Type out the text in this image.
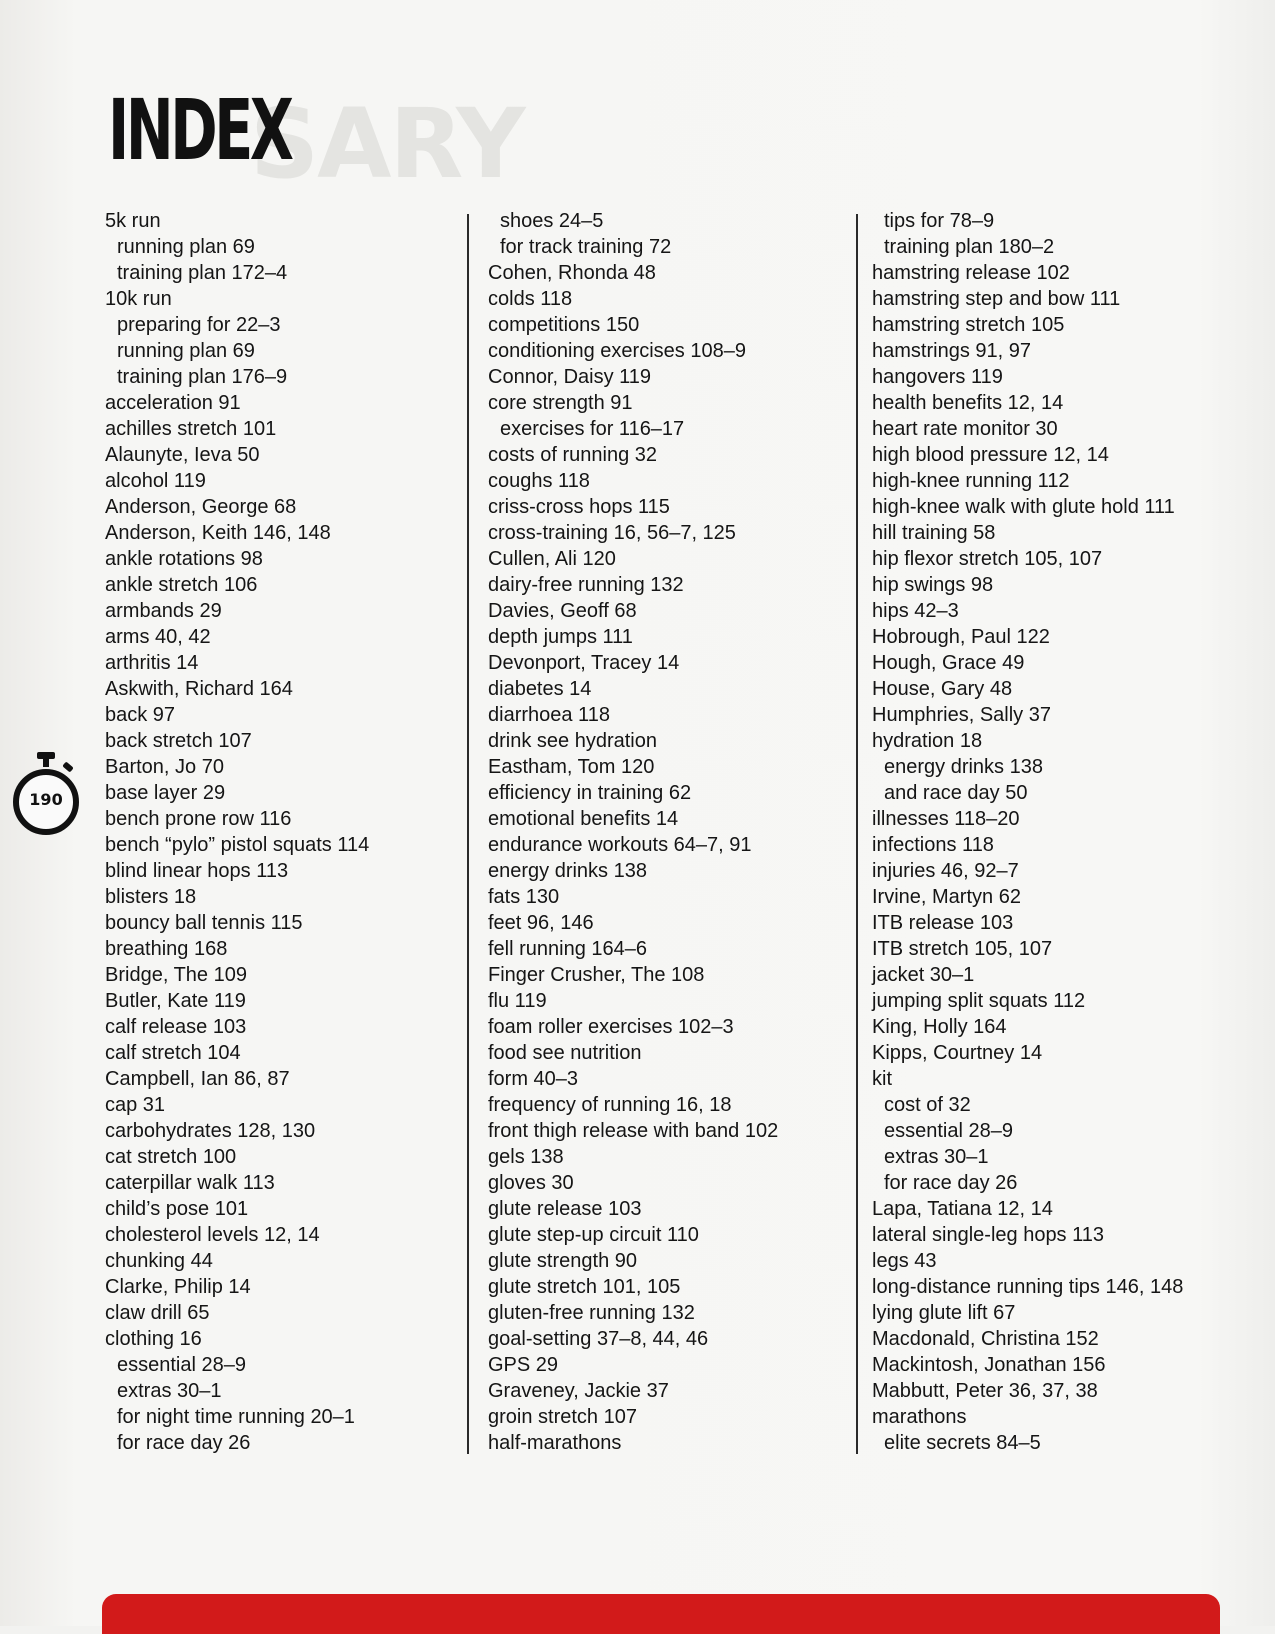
SARY
INDEX
5k run
running plan 69
training plan 172–4
10k run
preparing for 22–3
running plan 69
training plan 176–9
acceleration 91
achilles stretch 101
Alaunyte, Ieva 50
alcohol 119
Anderson, George 68
Anderson, Keith 146, 148
ankle rotations 98
ankle stretch 106
armbands 29
arms 40, 42
arthritis 14
Askwith, Richard 164
back 97
back stretch 107
Barton, Jo 70
base layer 29
bench prone row 116
bench “pylo” pistol squats 114
blind linear hops 113
blisters 18
bouncy ball tennis 115
breathing 168
Bridge, The 109
Butler, Kate 119
calf release 103
calf stretch 104
Campbell, Ian 86, 87
cap 31
carbohydrates 128, 130
cat stretch 100
caterpillar walk 113
child’s pose 101
cholesterol levels 12, 14
chunking 44
Clarke, Philip 14
claw drill 65
clothing 16
essential 28–9
extras 30–1
for night time running 20–1
for race day 26
shoes 24–5
for track training 72
Cohen, Rhonda 48
colds 118
competitions 150
conditioning exercises 108–9
Connor, Daisy 119
core strength 91
exercises for 116–17
costs of running 32
coughs 118
criss-cross hops 115
cross-training 16, 56–7, 125
Cullen, Ali 120
dairy-free running 132
Davies, Geoff 68
depth jumps 111
Devonport, Tracey 14
diabetes 14
diarrhoea 118
drink see hydration
Eastham, Tom 120
efficiency in training 62
emotional benefits 14
endurance workouts 64–7, 91
energy drinks 138
fats 130
feet 96, 146
fell running 164–6
Finger Crusher, The 108
flu 119
foam roller exercises 102–3
food see nutrition
form 40–3
frequency of running 16, 18
front thigh release with band 102
gels 138
gloves 30
glute release 103
glute step-up circuit 110
glute strength 90
glute stretch 101, 105
gluten-free running 132
goal-setting 37–8, 44, 46
GPS 29
Graveney, Jackie 37
groin stretch 107
half-marathons
tips for 78–9
training plan 180–2
hamstring release 102
hamstring step and bow 111
hamstring stretch 105
hamstrings 91, 97
hangovers 119
health benefits 12, 14
heart rate monitor 30
high blood pressure 12, 14
high-knee running 112
high-knee walk with glute hold 111
hill training 58
hip flexor stretch 105, 107
hip swings 98
hips 42–3
Hobrough, Paul 122
Hough, Grace 49
House, Gary 48
Humphries, Sally 37
hydration 18
energy drinks 138
and race day 50
illnesses 118–20
infections 118
injuries 46, 92–7
Irvine, Martyn 62
ITB release 103
ITB stretch 105, 107
jacket 30–1
jumping split squats 112
King, Holly 164
Kipps, Courtney 14
kit
cost of 32
essential 28–9
extras 30–1
for race day 26
Lapa, Tatiana 12, 14
lateral single-leg hops 113
legs 43
long-distance running tips 146, 148
lying glute lift 67
Macdonald, Christina 152
Mackintosh, Jonathan 156
Mabbutt, Peter 36, 37, 38
marathons
elite secrets 84–5
190
